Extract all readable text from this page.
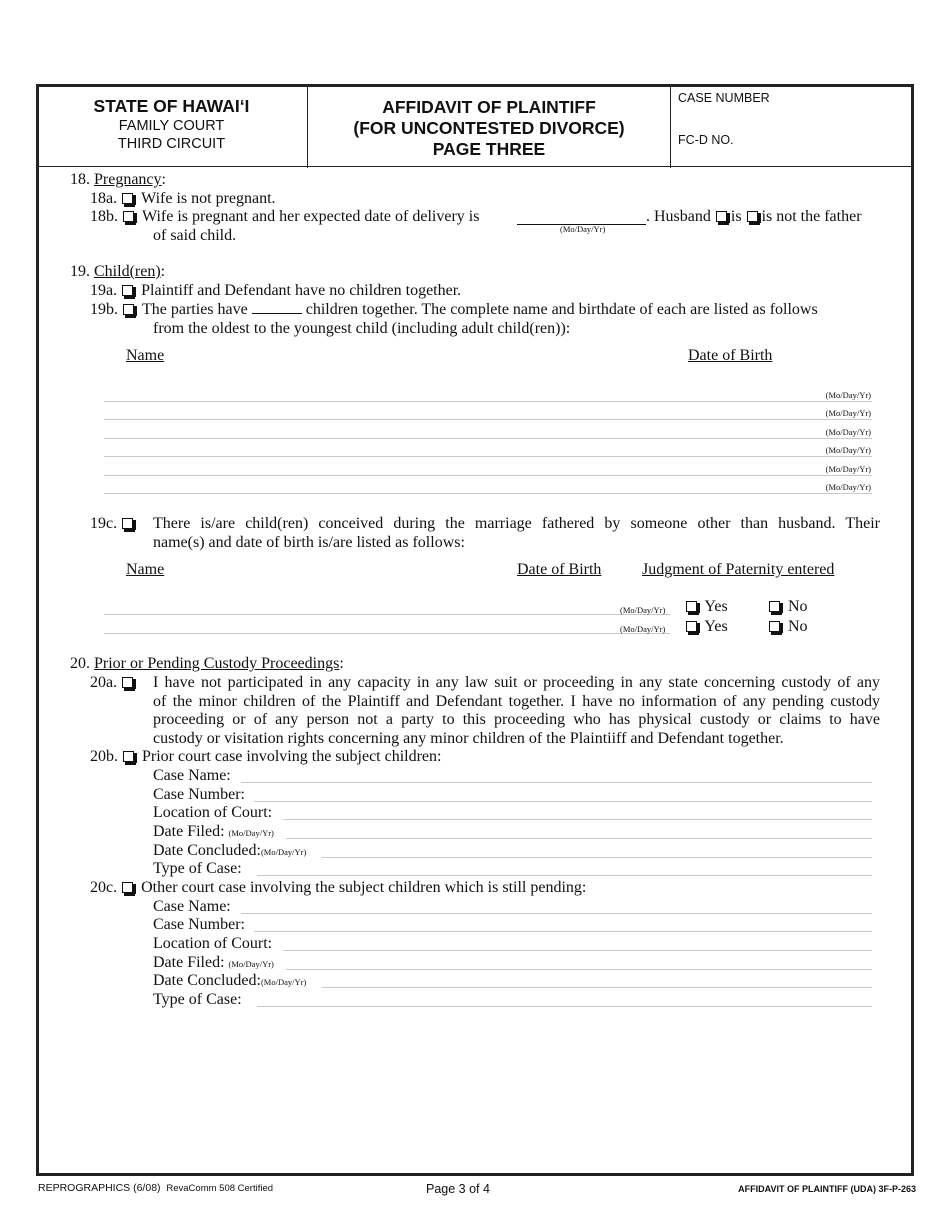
STATE OF HAWAI‘I
FAMILY COURT
THIRD CIRCUIT
AFFIDAVIT OF PLAINTIFF
(FOR UNCONTESTED DIVORCE)
PAGE THREE
CASE NUMBER
FC-D NO.
18. Pregnancy:
18a. Wife is not pregnant.
18b. Wife is pregnant and her expected date of delivery is
(Mo/Day/Yr)
. Husband is is not the father
of said child.
19. Child(ren):
19a. Plaintiff and Defendant have no children together.
19b. The parties have	children together. The complete name and birthdate of each are listed as follows
from the oldest to the youngest child (including adult child(ren)):
Name	Date of Birth
(Mo/Day/Yr)
(Mo/Day/Yr)
(Mo/Day/Yr)
(Mo/Day/Yr)
(Mo/Day/Yr)
(Mo/Day/Yr)
19c.	There is/are child(ren) conceived during the marriage fathered by someone other than husband. Their
name(s) and date of birth is/are listed as follows:
Name	Date of Birth	Judgment of Paternity entered
(Mo/Day/Yr)	Yes	No
(Mo/Day/Yr)	Yes	No
20. Prior or Pending Custody Proceedings:
20a.	I have not participated in any capacity in any law suit or proceeding in any state concerning custody of any
of the minor children of the Plaintiff and Defendant together. I have no information of any pending custody
proceeding or of any person not a party to this proceeding who has physical custody or claims to have
custody or visitation rights concerning any minor children of the Plaintiiff and Defendant together.
20b. Prior court case involving the subject children:
Case Name:
Case Number:
Location of Court:
Date Filed: (Mo/Day/Yr)
Date Concluded:(Mo/Day/Yr)
Type of Case:
20c. Other court case involving the subject children which is still pending:
Case Name:
Case Number:
Location of Court:
Date Filed: (Mo/Day/Yr)
Date Concluded:(Mo/Day/Yr)
Type of Case:
REPROGRAPHICS (6/08) RevaComm 508 Certified	Page 3 of 4	AFFIDAVIT OF PLAINTIFF (UDA) 3F-P-263
